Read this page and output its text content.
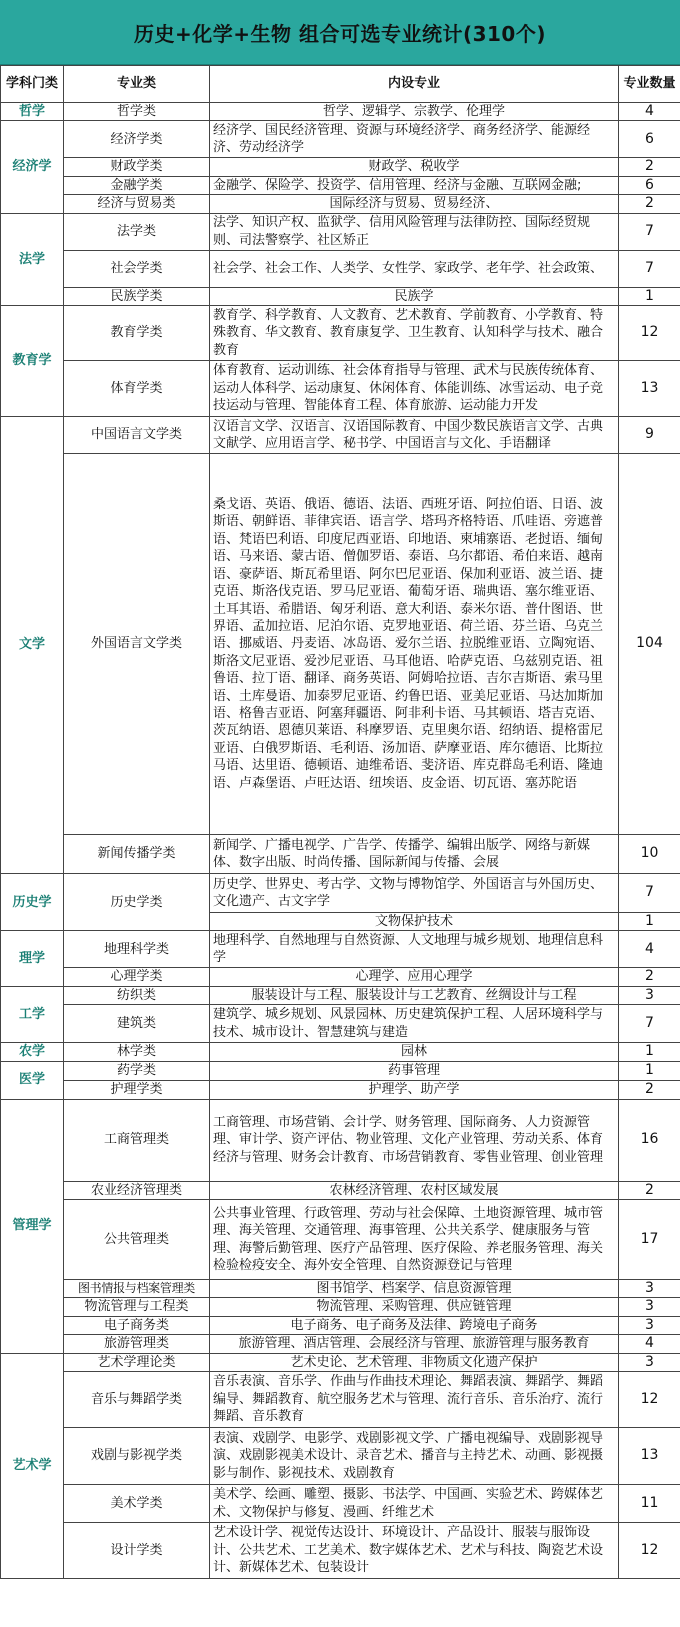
历史+化学+生物 组合可选专业统计(310个)
学科门类	专业类	内设专业	专业数量
哲学	哲学类	哲学、逻辑学、宗教学、伦理学	4
经济学	经济学类	经济学、国民经济管理、资源与环境经济学、商务经济学、能源经济、劳动经济学	6
	财政学类	财政学、税收学	2
	金融学类	金融学、保险学、投资学、信用管理、经济与金融、互联网金融;	6
	经济与贸易类	国际经济与贸易、贸易经济、	2
法学	法学类	法学、知识产权、监狱学、信用风险管理与法律防控、国际经贸规则、司法警察学、社区矫正	7
	社会学类	社会学、社会工作、人类学、女性学、家政学、老年学、社会政策、	7
	民族学类	民族学	1
教育学	教育学类	教育学、科学教育、人文教育、艺术教育、学前教育、小学教育、特殊教育、华文教育、教育康复学、卫生教育、认知科学与技术、融合教育	12
	体育学类	体育教育、运动训练、社会体育指导与管理、武术与民族传统体育、运动人体科学、运动康复、休闲体育、体能训练、冰雪运动、电子竞技运动与管理、智能体育工程、体育旅游、运动能力开发	13
文学	中国语言文学类	汉语言文学、汉语言、汉语国际教育、中国少数民族语言文学、古典文献学、应用语言学、秘书学、中国语言与文化、手语翻译	9
	外国语言文学类	桑戈语、英语、俄语、德语、法语、西班牙语、阿拉伯语、日语、波斯语、朝鲜语、菲律宾语、语言学、塔玛齐格特语、爪哇语、旁遮普语、梵语巴利语、印度尼西亚语、印地语、柬埔寨语、老挝语、缅甸语、马来语、蒙古语、僧伽罗语、泰语、乌尔都语、希伯来语、越南语、豪萨语、斯瓦希里语、阿尔巴尼亚语、保加利亚语、波兰语、捷克语、斯洛伐克语、罗马尼亚语、葡萄牙语、瑞典语、塞尔维亚语、土耳其语、希腊语、匈牙利语、意大利语、泰米尔语、普什图语、世界语、孟加拉语、尼泊尔语、克罗地亚语、荷兰语、芬兰语、乌克兰语、挪威语、丹麦语、冰岛语、爱尔兰语、拉脱维亚语、立陶宛语、斯洛文尼亚语、爱沙尼亚语、马耳他语、哈萨克语、乌兹别克语、祖鲁语、拉丁语、翻译、商务英语、阿姆哈拉语、吉尔吉斯语、索马里语、土库曼语、加泰罗尼亚语、约鲁巴语、亚美尼亚语、马达加斯加语、格鲁吉亚语、阿塞拜疆语、阿非利卡语、马其顿语、塔吉克语、茨瓦纳语、恩德贝莱语、科摩罗语、克里奥尔语、绍纳语、提格雷尼亚语、白俄罗斯语、毛利语、汤加语、萨摩亚语、库尔德语、比斯拉马语、达里语、德顿语、迪维希语、斐济语、库克群岛毛利语、隆迪语、卢森堡语、卢旺达语、纽埃语、皮金语、切瓦语、塞苏陀语	104
	新闻传播学类	新闻学、广播电视学、广告学、传播学、编辑出版学、网络与新媒体、数字出版、时尚传播、国际新闻与传播、会展	10
历史学	历史学类	历史学、世界史、考古学、文物与博物馆学、外国语言与外国历史、文化遗产、古文字学	7
		文物保护技术	1
理学	地理科学类	地理科学、自然地理与自然资源、人文地理与城乡规划、地理信息科学	4
	心理学类	心理学、应用心理学	2
工学	纺织类	服装设计与工程、服装设计与工艺教育、丝绸设计与工程	3
	建筑类	建筑学、城乡规划、风景园林、历史建筑保护工程、人居环境科学与技术、城市设计、智慧建筑与建造	7
农学	林学类	园林	1
医学	药学类	药事管理	1
	护理学类	护理学、助产学	2
管理学	工商管理类	工商管理、市场营销、会计学、财务管理、国际商务、人力资源管理、审计学、资产评估、物业管理、文化产业管理、劳动关系、体育经济与管理、财务会计教育、市场营销教育、零售业管理、创业管理	16
	农业经济管理类	农林经济管理、农村区域发展	2
	公共管理类	公共事业管理、行政管理、劳动与社会保障、土地资源管理、城市管理、海关管理、交通管理、海事管理、公共关系学、健康服务与管理、海警后勤管理、医疗产品管理、医疗保险、养老服务管理、海关检验检疫安全、海外安全管理、自然资源登记与管理	17
	图书情报与档案管理类	图书馆学、档案学、信息资源管理	3
	物流管理与工程类	物流管理、采购管理、供应链管理	3
	电子商务类	电子商务、电子商务及法律、跨境电子商务	3
	旅游管理类	旅游管理、酒店管理、会展经济与管理、旅游管理与服务教育	4
艺术学	艺术学理论类	艺术史论、艺术管理、非物质文化遗产保护	3
	音乐与舞蹈学类	音乐表演、音乐学、作曲与作曲技术理论、舞蹈表演、舞蹈学、舞蹈编导、舞蹈教育、航空服务艺术与管理、流行音乐、音乐治疗、流行舞蹈、音乐教育	12
	戏剧与影视学类	表演、戏剧学、电影学、戏剧影视文学、广播电视编导、戏剧影视导演、戏剧影视美术设计、录音艺术、播音与主持艺术、动画、影视摄影与制作、影视技术、戏剧教育	13
	美术学类	美术学、绘画、雕塑、摄影、书法学、中国画、实验艺术、跨媒体艺术、文物保护与修复、漫画、纤维艺术	11
	设计学类	艺术设计学、视觉传达设计、环境设计、产品设计、服装与服饰设计、公共艺术、工艺美术、数字媒体艺术、艺术与科技、陶瓷艺术设计、新媒体艺术、包装设计	12
